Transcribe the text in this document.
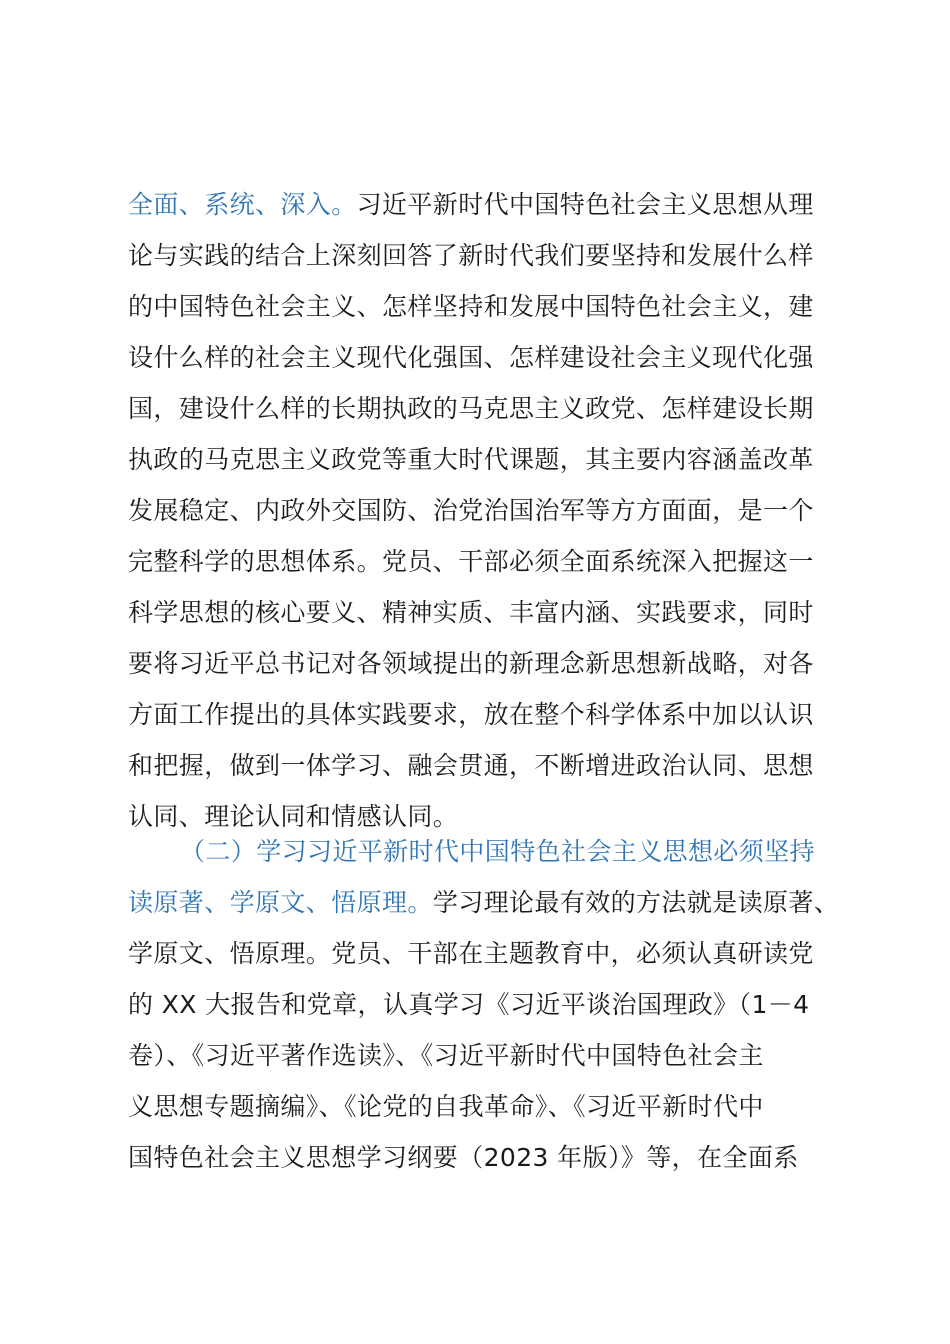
全面、系统、深入。习近平新时代中国特色社会主义思想从理
论与实践的结合上深刻回答了新时代我们要坚持和发展什么样
的中国特色社会主义、怎样坚持和发展中国特色社会主义，建
设什么样的社会主义现代化强国、怎样建设社会主义现代化强
国，建设什么样的长期执政的马克思主义政党、怎样建设长期
执政的马克思主义政党等重大时代课题，其主要内容涵盖改革
发展稳定、内政外交国防、治党治国治军等方方面面，是一个
完整科学的思想体系。党员、干部必须全面系统深入把握这一
科学思想的核心要义、精神实质、丰富内涵、实践要求，同时
要将习近平总书记对各领域提出的新理念新思想新战略，对各
方面工作提出的具体实践要求，放在整个科学体系中加以认识
和把握，做到一体学习、融会贯通，不断增进政治认同、思想
认同、理论认同和情感认同。
（二）学习习近平新时代中国特色社会主义思想必须坚持
读原著、学原文、悟原理。学习理论最有效的方法就是读原著、
学原文、悟原理。党员、干部在主题教育中，必须认真研读党
的 XX 大报告和党章，认真学习《习近平谈治国理政》（1－4
卷）、《习近平著作选读》、《习近平新时代中国特色社会主
义思想专题摘编》、《论党的自我革命》、《习近平新时代中
国特色社会主义思想学习纲要（2023 年版）》等，在全面系
